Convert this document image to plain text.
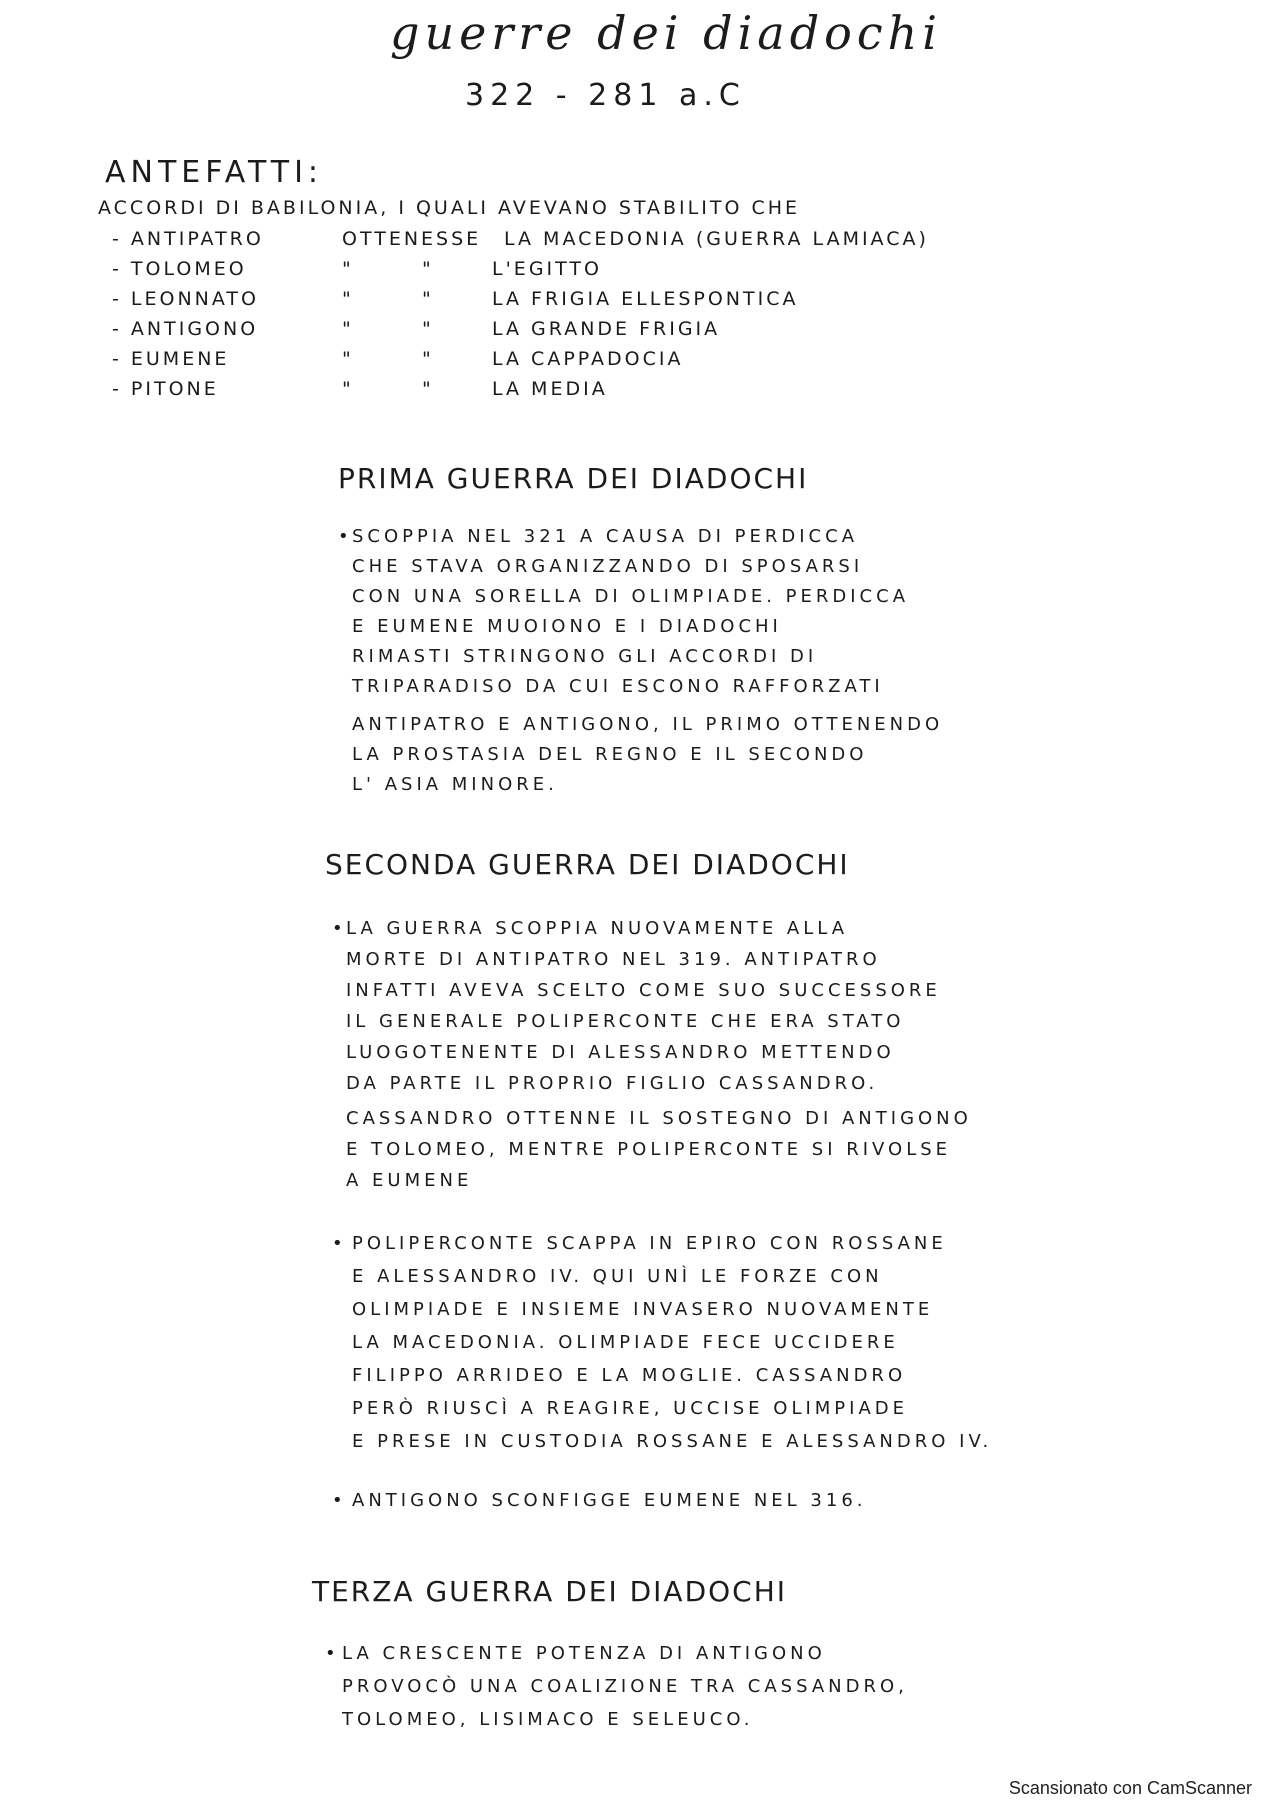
guerre dei diadochi
322 - 281 a.C
ANTEFATTI:
ACCORDI DI BABILONIA, I QUALI AVEVANO STABILITO CHE
- ANTIPATRO	OTTENESSE LA MACEDONIA (GUERRA LAMIACA)
- TOLOMEO	"	"	L'EGITTO
- LEONNATO	"	"	LA FRIGIA ELLESPONTICA
- ANTIGONO	"	"	LA GRANDE FRIGIA
- EUMENE	"	"	LA CAPPADOCIA
- PITONE	"	"	LA MEDIA
PRIMA GUERRA DEI DIADOCHI
• SCOPPIA NEL 321 A CAUSA DI PERDICCA
CHE STAVA ORGANIZZANDO DI SPOSARSI
CON UNA SORELLA DI OLIMPIADE. PERDICCA
E EUMENE MUOIONO E I DIADOCHI
RIMASTI STRINGONO GLI ACCORDI DI
TRIPARADISO DA CUI ESCONO RAFFORZATI
ANTIPATRO E ANTIGONO, IL PRIMO OTTENENDO
LA PROSTASIA DEL REGNO E IL SECONDO
L' ASIA MINORE.
SECONDA GUERRA DEI DIADOCHI
• LA GUERRA SCOPPIA NUOVAMENTE ALLA
MORTE DI ANTIPATRO NEL 319. ANTIPATRO
INFATTI AVEVA SCELTO COME SUO SUCCESSORE
IL GENERALE POLIPERCONTE CHE ERA STATO
LUOGOTENENTE DI ALESSANDRO METTENDO
DA PARTE IL PROPRIO FIGLIO CASSANDRO.
CASSANDRO OTTENNE IL SOSTEGNO DI ANTIGONO
E TOLOMEO, MENTRE POLIPERCONTE SI RIVOLSE
A EUMENE
• POLIPERCONTE SCAPPA IN EPIRO CON ROSSANE
E ALESSANDRO IV. QUI UNÌ LE FORZE CON
OLIMPIADE E INSIEME INVASERO NUOVAMENTE
LA MACEDONIA. OLIMPIADE FECE UCCIDERE
FILIPPO ARRIDEO E LA MOGLIE. CASSANDRO
PERÒ RIUSCÌ A REAGIRE, UCCISE OLIMPIADE
E PRESE IN CUSTODIA ROSSANE E ALESSANDRO IV.
• ANTIGONO SCONFIGGE EUMENE NEL 316.
TERZA GUERRA DEI DIADOCHI
• LA CRESCENTE POTENZA DI ANTIGONO
PROVOCÒ UNA COALIZIONE TRA CASSANDRO,
TOLOMEO, LISIMACO E SELEUCO.
Scansionato con CamScanner
